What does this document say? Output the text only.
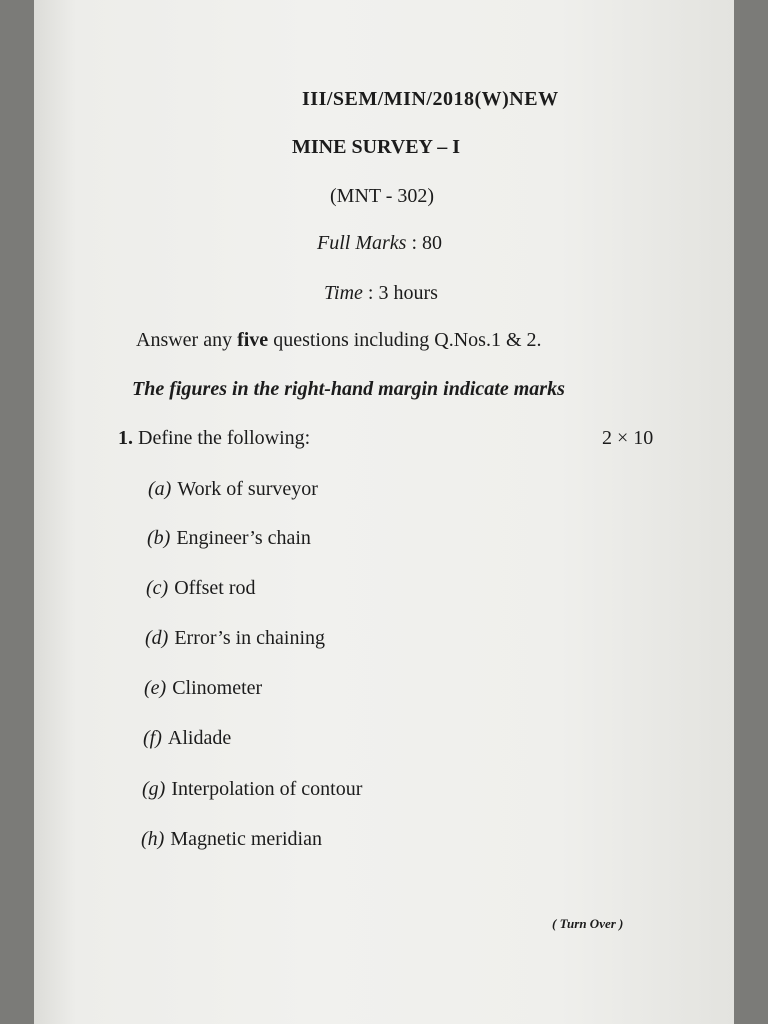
III/SEM/MIN/2018(W)NEW
MINE SURVEY – I
(MNT - 302)
Full Marks : 80
Time : 3 hours
Answer any five questions including Q.Nos.1 & 2.
The figures in the right-hand margin indicate marks
1. Define the following:	2 × 10
(a) Work of surveyor
(b) Engineer’s chain
(c) Offset rod
(d) Error’s in chaining
(e) Clinometer
(f) Alidade
(g) Interpolation of contour
(h) Magnetic meridian
( Turn Over )
